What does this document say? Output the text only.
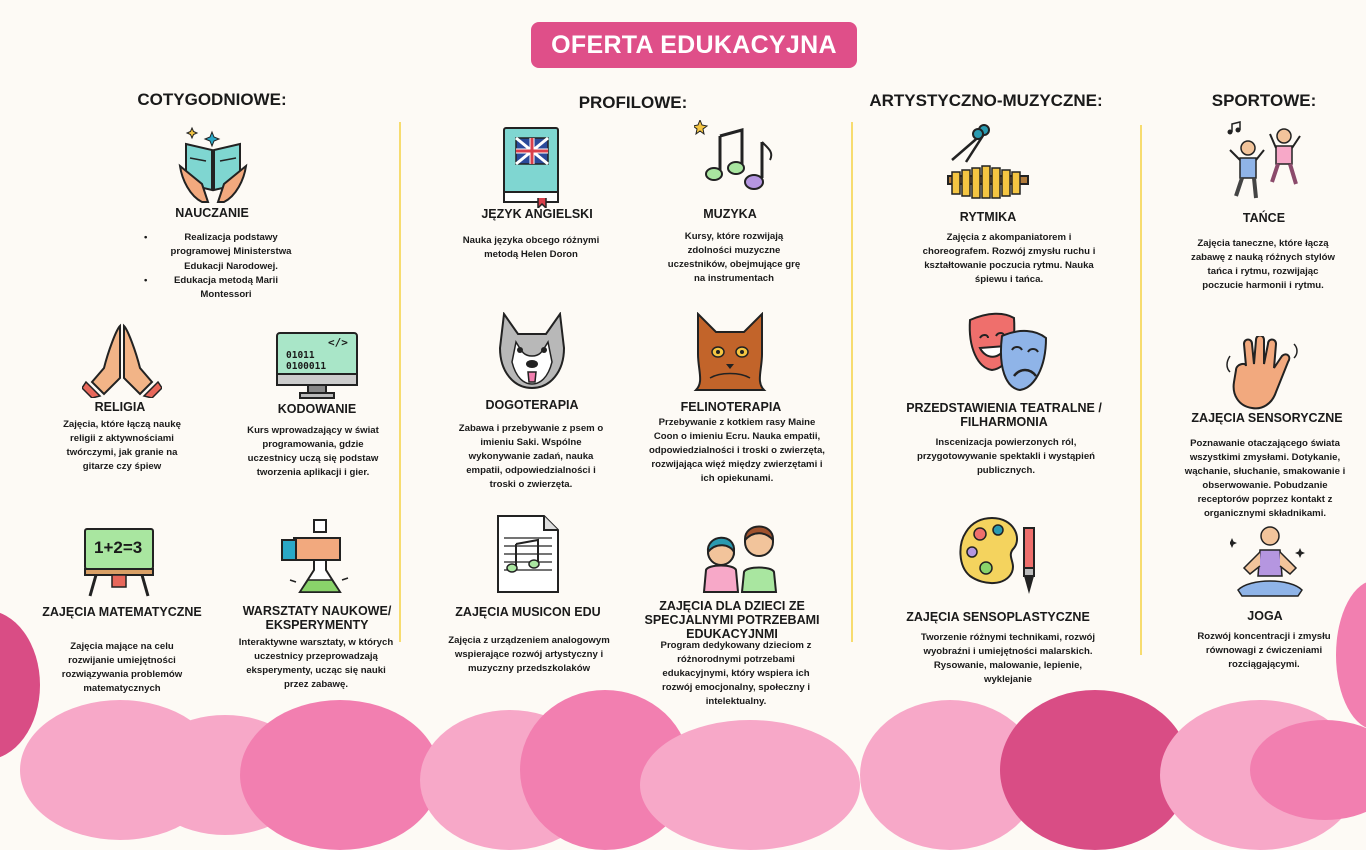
OFERTA EDUKACYJNA
COTYGODNIOWE:	PROFILOWE:	ARTYSTYCZNO-MUZYCZNE:	SPORTOWE:
NAUCZANIE
• Realizacja podstawy programowej Ministerstwa Edukacji Narodowej.
• Edukacja metodą Marii Montessori
RELIGIA
Zajęcia, które łączą naukę religii z aktywnościami twórczymi, jak granie na gitarze czy śpiew
</>
01011
0100011
KODOWANIE
Kurs wprowadzający w świat programowania, gdzie uczestnicy uczą się podstaw tworzenia aplikacji i gier.
1+2=3
ZAJĘCIA MATEMATYCZNE
Zajęcia mające na celu rozwijanie umiejętności rozwiązywania problemów matematycznych
WARSZTATY NAUKOWE/ EKSPERYMENTY
Interaktywne warsztaty, w których uczestnicy przeprowadzają eksperymenty, ucząc się nauki przez zabawę.
JĘZYK ANGIELSKI
Nauka języka obcego różnymi metodą Helen Doron
MUZYKA
Kursy, które rozwijają zdolności muzyczne uczestników, obejmujące grę na instrumentach
DOGOTERAPIA
Zabawa i przebywanie z psem o imieniu Saki. Wspólne wykonywanie zadań, nauka empatii, odpowiedzialności i troski o zwierzęta.
FELINOTERAPIA
Przebywanie z kotkiem rasy Maine Coon o imieniu Ecru. Nauka empatii, odpowiedzialności i troski o zwierzęta, rozwijająca więź między zwierzętami i ich opiekunami.
ZAJĘCIA MUSICON EDU
Zajęcia z urządzeniem analogowym wspierające rozwój artystyczny i muzyczny przedszkolaków
ZAJĘCIA DLA DZIECI ZE SPECJALNYMI POTRZEBAMI EDUKACYJNMI
Program dedykowany dzieciom z różnorodnymi potrzebami edukacyjnymi, który wspiera ich rozwój emocjonalny, społeczny i intelektualny.
RYTMIKA
Zajęcia z akompaniatorem i choreografem. Rozwój zmysłu ruchu i kształtowanie poczucia rytmu. Nauka śpiewu i tańca.
PRZEDSTAWIENIA TEATRALNE / FILHARMONIA
Inscenizacja powierzonych ról, przygotowywanie spektakli i wystąpień publicznych.
ZAJĘCIA SENSOPLASTYCZNE
Tworzenie różnymi technikami, rozwój wyobraźni i umiejętności malarskich. Rysowanie, malowanie, lepienie, wyklejanie
TAŃCE
Zajęcia taneczne, które łączą zabawę z nauką różnych stylów tańca i rytmu, rozwijając poczucie harmonii i rytmu.
ZAJĘCIA SENSORYCZNE
Poznawanie otaczającego świata wszystkimi zmysłami. Dotykanie, wąchanie, słuchanie, smakowanie i obserwowanie. Pobudzanie receptorów poprzez kontakt z organicznymi składnikami.
JOGA
Rozwój koncentracji i zmysłu równowagi z ćwiczeniami rozciągającymi.
